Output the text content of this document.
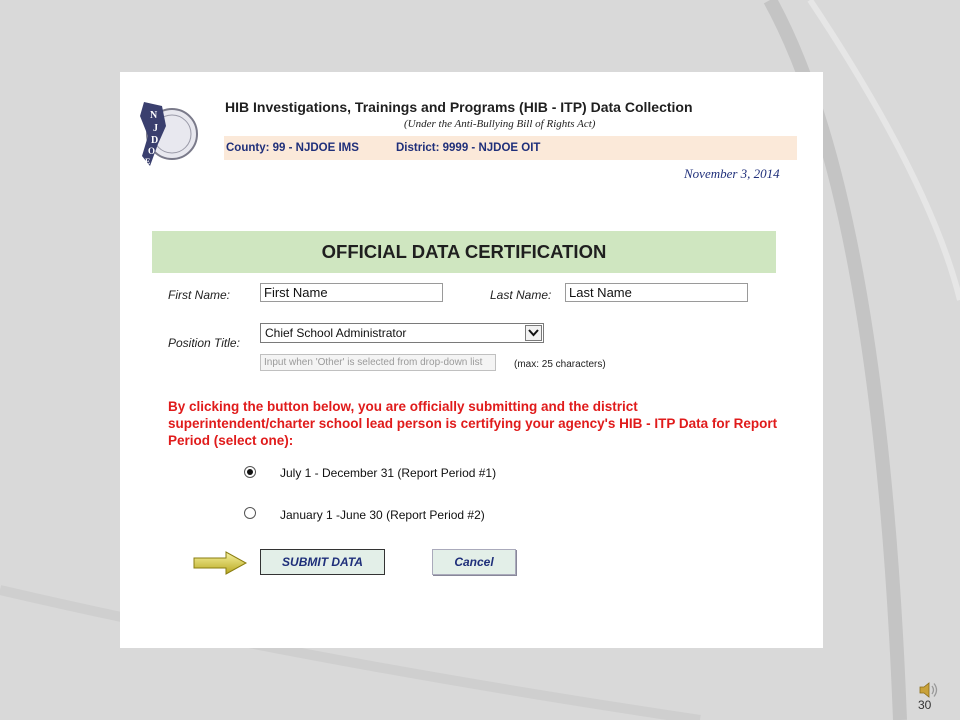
N
J
D
O
E
HIB Investigations, Trainings and Programs (HIB - ITP) Data Collection
(Under the Anti-Bullying Bill of Rights Act)
County: 99 - NJDOE IMS	District: 9999 - NJDOE OIT
November 3, 2014
OFFICIAL DATA CERTIFICATION
First Name:	First Name	Last Name:	Last Name
Position Title:
Chief School Administrator
Input when 'Other' is selected from drop-down list	(max: 25 characters)
By clicking the button below, you are officially submitting and the district superintendent/charter school lead person is certifying your agency's HIB - ITP Data for Report Period (select one):
July 1 - December 31 (Report Period #1)
January 1 -June 30 (Report Period #2)
SUBMIT DATA	Cancel
30
